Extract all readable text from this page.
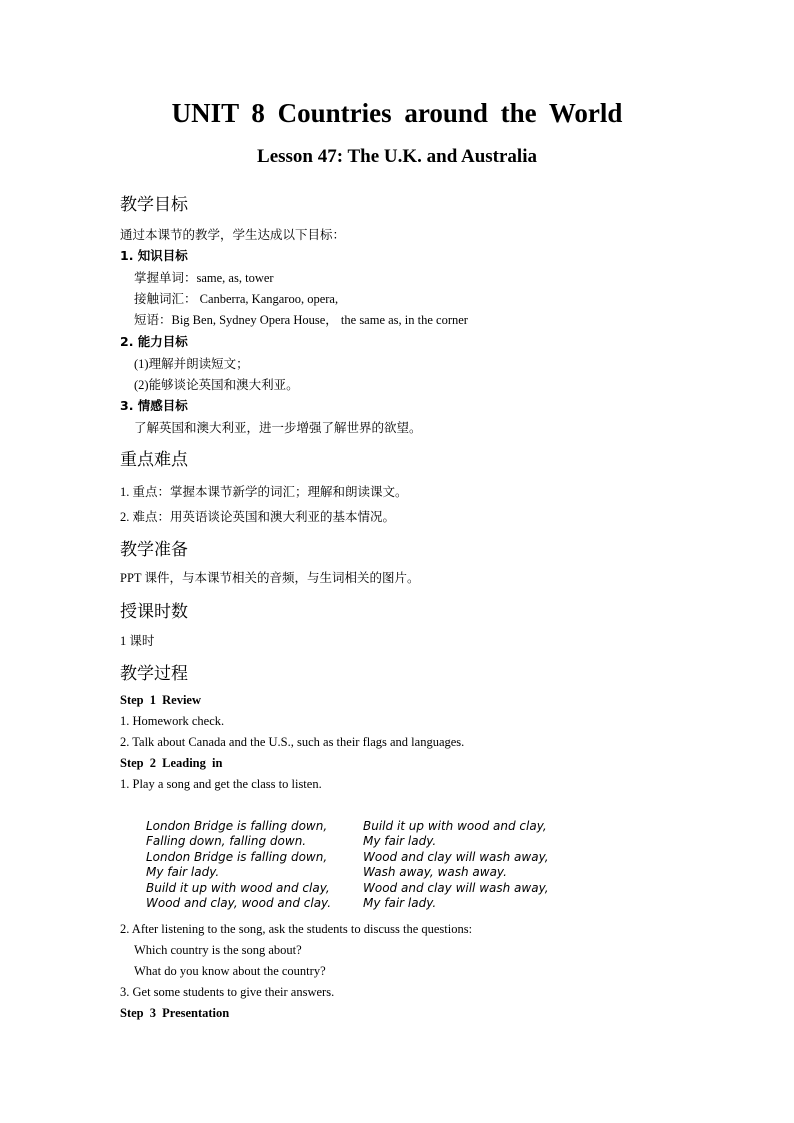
UNIT 8 Countries around the World
Lesson 47: The U.K. and Australia
教学目标
通过本课节的教学，学生达成以下目标：
1. 知识目标
掌握单词：same, as, tower
接触词汇： Canberra, Kangaroo, opera,
短语：Big Ben, Sydney Opera House， the same as, in the corner
2. 能力目标
(1)理解并朗读短文；
(2)能够谈论英国和澳大利亚。
3. 情感目标
了解英国和澳大利亚，进一步增强了解世界的欲望。
重点难点
1. 重点：掌握本课节新学的词汇；理解和朗读课文。
2. 难点：用英语谈论英国和澳大利亚的基本情况。
教学准备
PPT 课件，与本课节相关的音频，与生词相关的图片。
授课时数
1 课时
教学过程
Step 1 Review
1. Homework check.
2. Talk about Canada and the U.S., such as their flags and languages.
Step 2 Leading in
1. Play a song and get the class to listen.
London Bridge is falling down,
Falling down, falling down.
London Bridge is falling down,
My fair lady.
Build it up with wood and clay,
Wood and clay, wood and clay.
Build it up with wood and clay,
My fair lady.
Wood and clay will wash away,
Wash away, wash away.
Wood and clay will wash away,
My fair lady.
2. After listening to the song, ask the students to discuss the questions:
Which country is the song about?
What do you know about the country?
3. Get some students to give their answers.
Step 3 Presentation
